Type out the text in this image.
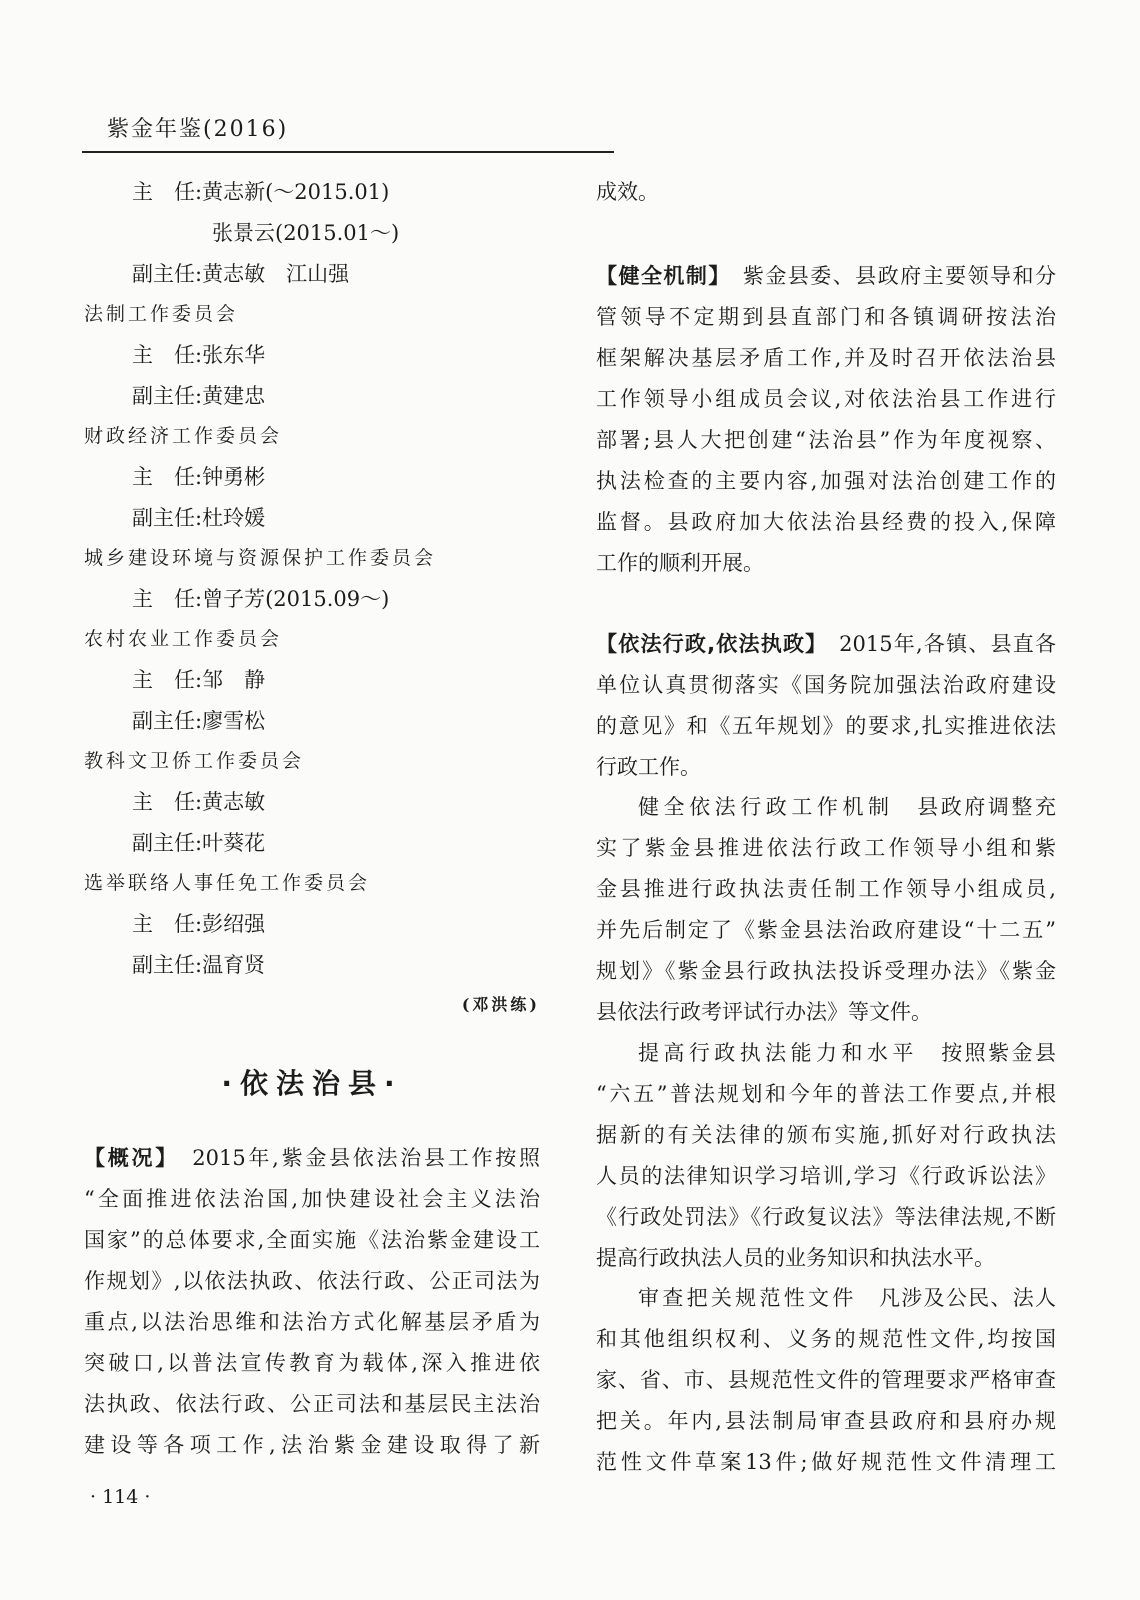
紫金年鉴(2016)
主　任:黄志新(～2015.01)
张景云(2015.01～)
副主任:黄志敏　江山强
法制工作委员会
主　任:张东华
副主任:黄建忠
财政经济工作委员会
主　任:钟勇彬
副主任:杜玲媛
城乡建设环境与资源保护工作委员会
主　任:曾子芳(2015.09～)
农村农业工作委员会
主　任:邹　静
副主任:廖雪松
教科文卫侨工作委员会
主　任:黄志敏
副主任:叶葵花
选举联络人事任免工作委员会
主　任:彭绍强
副主任:温育贤
(邓洪练)
·依法治县·
【概况】　 2015年,紫金县依法治县工作按照
“全面推进依法治国,加快建设社会主义法治
国家”的总体要求,全面实施《法治紫金建设工
作规划》,以依法执政、依法行政、公正司法为
重点,以法治思维和法治方式化解基层矛盾为
突破口,以普法宣传教育为载体,深入推进依
法执政、依法行政、公正司法和基层民主法治
建设等各项工作,法治紫金建设取得了新
成效。
【健全机制】　 紫金县委、县政府主要领导和分
管领导不定期到县直部门和各镇调研按法治
框架解决基层矛盾工作,并及时召开依法治县
工作领导小组成员会议,对依法治县工作进行
部署;县人大把创建“法治县”作为年度视察、
执法检查的主要内容,加强对法治创建工作的
监督。县政府加大依法治县经费的投入,保障
工作的顺利开展。
【依法行政,依法执政】　 2015年,各镇、县直各
单位认真贯彻落实《国务院加强法治政府建设
的意见》和《五年规划》的要求,扎实推进依法
行政工作。
健全依法行政工作机制　 县政府调整充
实了紫金县推进依法行政工作领导小组和紫
金县推进行政执法责任制工作领导小组成员,
并先后制定了《紫金县法治政府建设“十二五”
规划》《紫金县行政执法投诉受理办法》《紫金
县依法行政考评试行办法》等文件。
提高行政执法能力和水平　 按照紫金县
“六五”普法规划和今年的普法工作要点,并根
据新的有关法律的颁布实施,抓好对行政执法
人员的法律知识学习培训,学习《行政诉讼法》
《行政处罚法》《行政复议法》等法律法规,不断
提高行政执法人员的业务知识和执法水平。
审查把关规范性文件　 凡涉及公民、法人
和其他组织权利、义务的规范性文件,均按国
家、省、市、县规范性文件的管理要求严格审查
把关。年内,县法制局审查县政府和县府办规
范性文件草案13件;做好规范性文件清理工
· 114 ·
